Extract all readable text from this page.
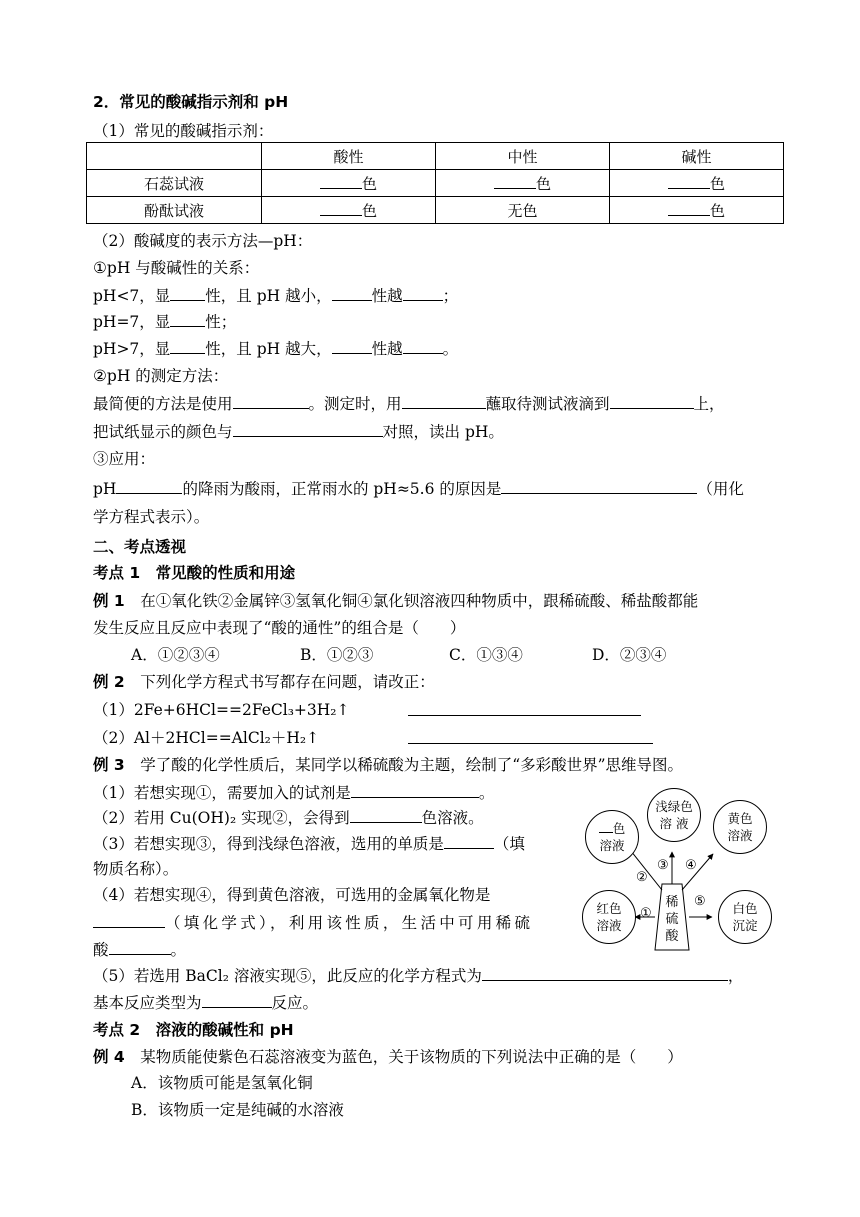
2．常见的酸碱指示剂和 pH
（1）常见的酸碱指示剂：
	酸性	中性	碱性
石蕊试液	色	色	色
酚酞试液	色	无色	色
（2）酸碱度的表示方法—pH：
①pH 与酸碱性的关系：
pH<7，显 性，且 pH 越小，	性越	；
pH=7，显 性；
pH>7，显 性，且 pH 越大，	性越	。
②pH 的测定方法：
最简便的方法是使用	。测定时，用	蘸取待测试液滴到	上，
把试纸显示的颜色与	对照，读出 pH。
③应用：
pH	的降雨为酸雨，正常雨水的 pH≈5.6 的原因是	（用化
学方程式表示）。
二、考点透视
考点 1　常见酸的性质和用途
例 1　 在①氧化铁②金属锌③氢氧化铜④氯化钡溶液四种物质中，跟稀硫酸、稀盐酸都能
发生反应且反应中表现了“酸的通性”的组合是（　　）
A．①②③④	B．①②③	C．①③④	D．②③④
例 2　 下列化学方程式书写都存在问题，请改正：
（1）2Fe+6HCl==2FeCl₃+3H₂↑
（2）Al＋2HCl==AlCl₂＋H₂↑
例 3　 学了酸的化学性质后，某同学以稀硫酸为主题，绘制了“多彩酸世界”思维导图。
（1）若想实现①，需要加入的试剂是	。
（2）若用 Cu(OH)₂ 实现②，会得到	色溶液。
（3）若想实现③，得到浅绿色溶液，选用的单质是	（填
物质名称）。
（4）若想实现④，得到黄色溶液，可选用的金属氧化物是
（填化学式），利用该性质，生活中可用稀硫
酸	。
浅绿色
溶 液
色
溶液
黄色
溶液
红色
溶液
白色
沉淀
稀
硫
酸
①
②
③ ④
⑤
（5）若选用 BaCl₂ 溶液实现⑤，此反应的化学方程式为	，
基本反应类型为	反应。
考点 2　溶液的酸碱性和 pH
例 4　 某物质能使紫色石蕊溶液变为蓝色，关于该物质的下列说法中正确的是（　　）
A．该物质可能是氢氧化铜
B．该物质一定是纯碱的水溶液
